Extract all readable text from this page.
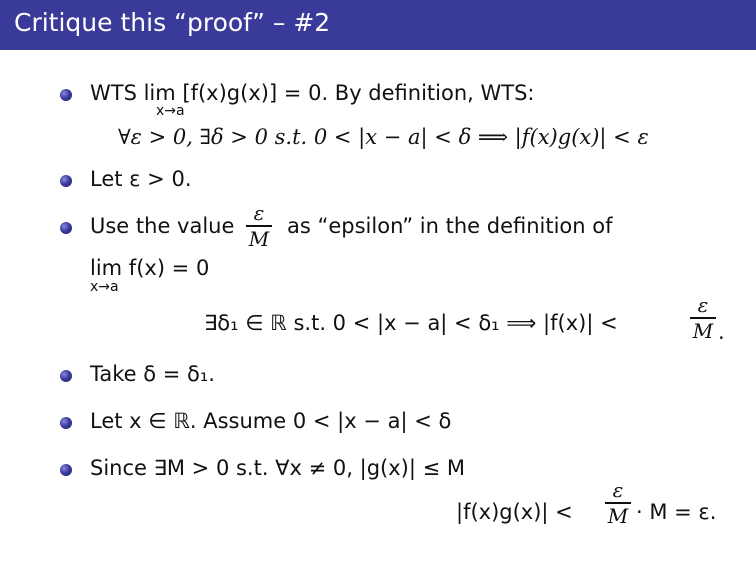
Critique this “proof” – #2
WTS lim [f(x)g(x)] = 0. By definition, WTS:
x→a
∀ε > 0, ∃δ > 0 s.t. 0 < |x − a| < δ ⟹ |f(x)g(x)| < ε
Let ε > 0.
Use the value
ε
M
as “epsilon” in the definition of
lim f(x) = 0
x→a
∃δ₁ ∈ ℝ s.t. 0 < |x − a| < δ₁ ⟹ |f(x)| <
ε
M .
Take δ = δ₁.
Let x ∈ ℝ. Assume 0 < |x − a| < δ
Since ∃M > 0 s.t. ∀x ≠ 0, |g(x)| ≤ M
|f(x)g(x)| <
ε
M · M = ε.
